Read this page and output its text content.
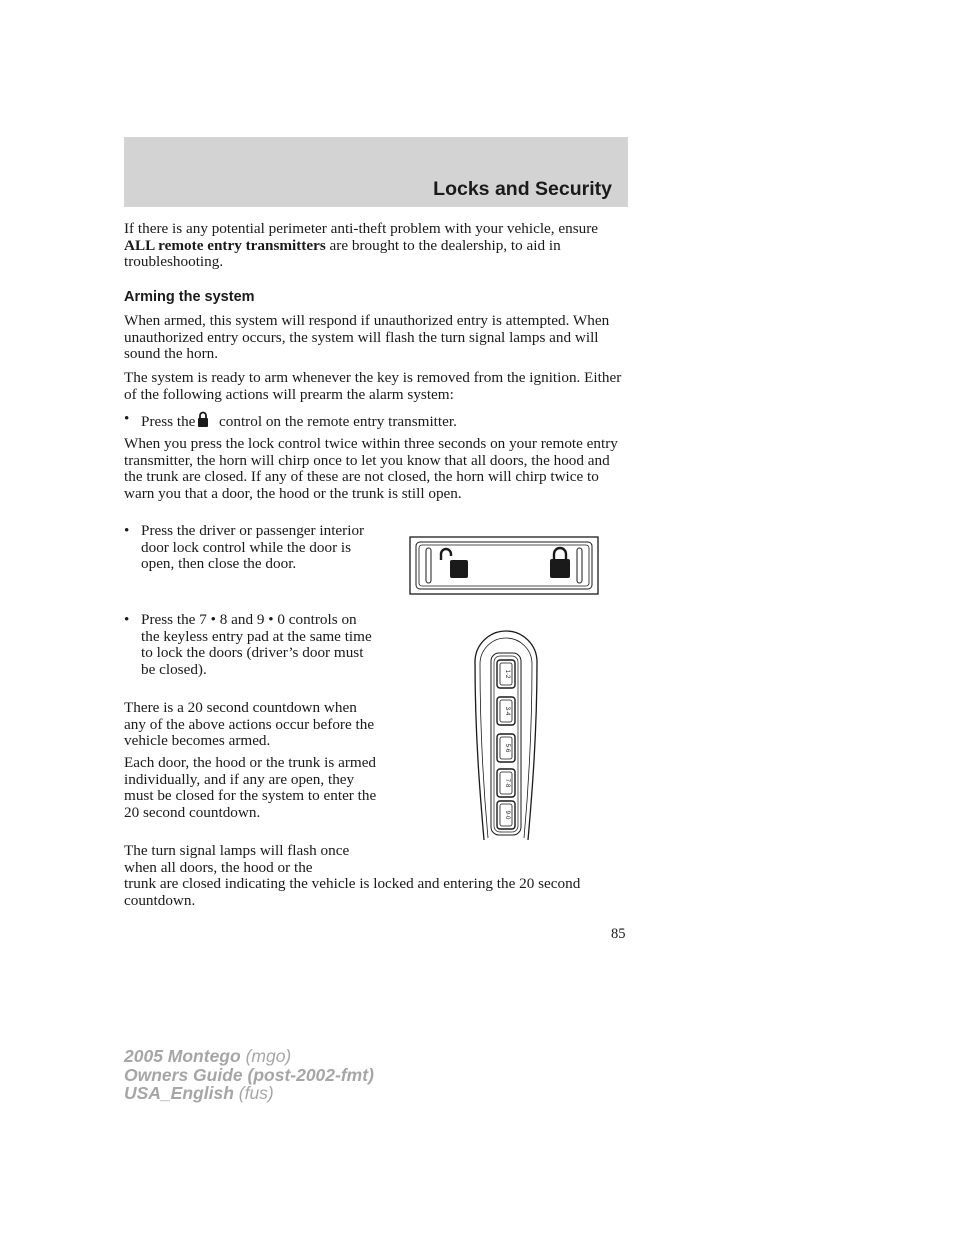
Locks and Security

If there is any potential perimeter anti-theft problem with your vehicle, ensure ALL remote entry transmitters are brought to the dealership, to aid in troubleshooting.

Arming the system

When armed, this system will respond if unauthorized entry is attempted. When unauthorized entry occurs, the system will flash the turn signal lamps and will sound the horn.

The system is ready to arm whenever the key is removed from the ignition. Either of the following actions will prearm the alarm system:

• Press the control on the remote entry transmitter.

When you press the lock control twice within three seconds on your remote entry transmitter, the horn will chirp once to let you know that all doors, the hood and the trunk are closed. If any of these are not closed, the horn will chirp twice to warn you that a door, the hood or the trunk is still open.

• Press the driver or passenger interior door lock control while the door is open, then close the door.
• Press the 7 • 8 and 9 • 0 controls on the keyless entry pad at the same time to lock the doors (driver’s door must be closed).	1·2
3·4
5·6
7·8
9·0

There is a 20 second countdown when any of the above actions occur before the vehicle becomes armed.

Each door, the hood or the trunk is armed individually, and if any are open, they must be closed for the system to enter the 20 second countdown.

The turn signal lamps will flash once when all doors, the hood or the

trunk are closed indicating the vehicle is locked and entering the 20 second countdown.

85
2005 Montego (mgo)
Owners Guide (post-2002-fmt)
USA_English (fus)
